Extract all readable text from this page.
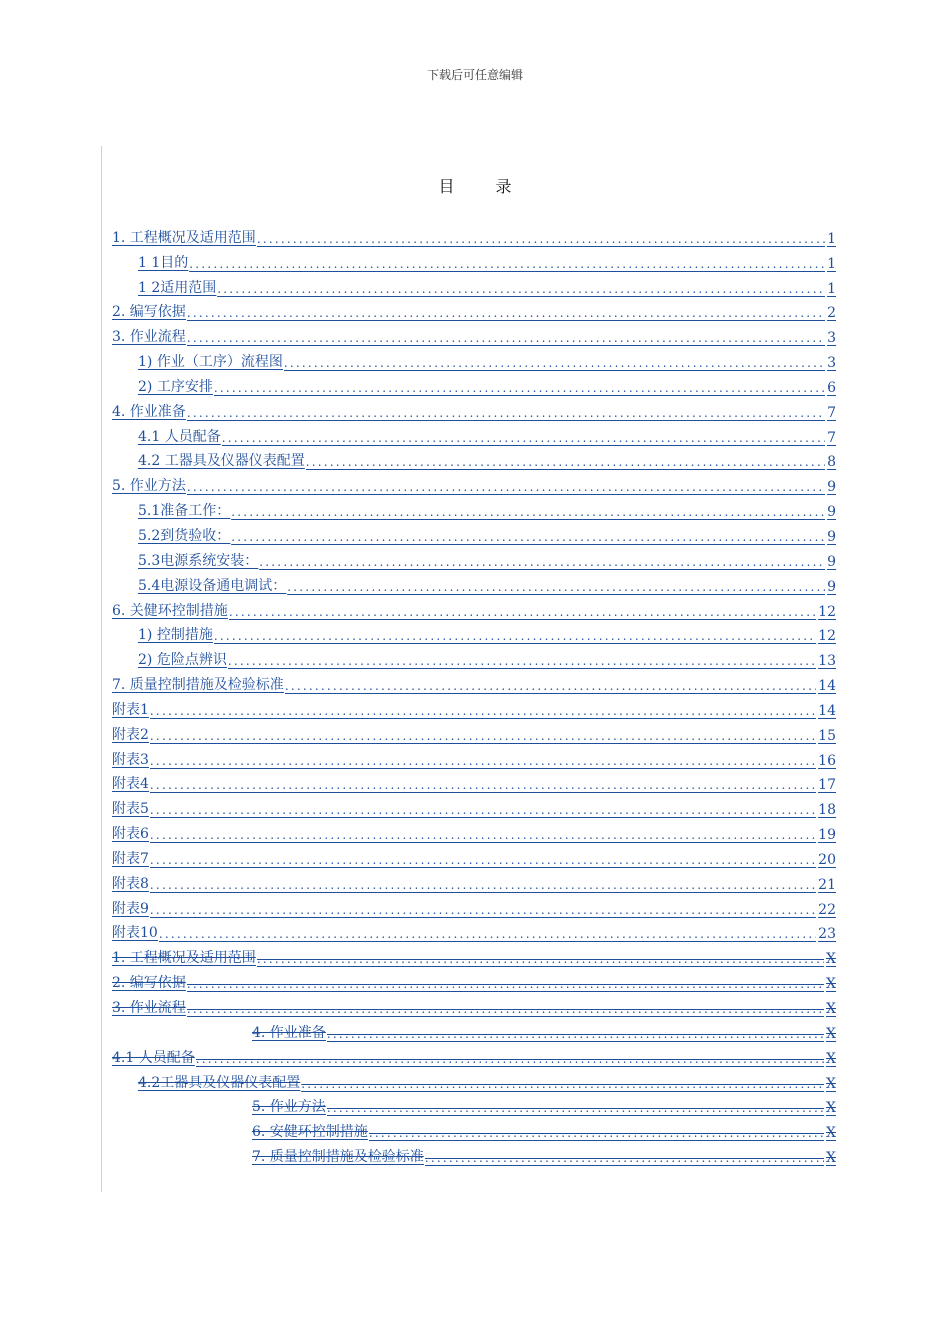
下载后可任意编辑
目 录
1. 工程概况及适用范围 .....	1
1 1目的 .....	1
1 2适用范围 .....	1
2. 编写依据 .....	2
3. 作业流程 .....	3
1) 作业（工序）流程图 .....	3
2) 工序安排 .....	6
4. 作业准备 .....	7
4.1 人员配备 .....	7
4.2 工器具及仪器仪表配置 .....	8
5. 作业方法 .....	9
5.1准备工作： .....	9
5.2到货验收： .....	9
5.3电源系统安装： .....	9
5.4电源设备通电调试： .....	9
6. 关健环控制措施 .....	12
1) 控制措施 .....	12
2) 危险点辨识 .....	13
7. 质量控制措施及检验标准 .....	14
附表1 .....	14
附表2 .....	15
附表3 .....	16
附表4 .....	17
附表5 .....	18
附表6 .....	19
附表7 .....	20
附表8 .....	21
附表9 .....	22
附表10 .....	23
1. 工程概况及适用范围 .....	X
2. 编写依据 .....	X
3. 作业流程 .....	X
4. 作业准备 .....	X
4.1 人员配备 .....	X
4.2工器具及仪器仪表配置 .....	X
5. 作业方法 .....	X
6. 安健环控制措施 .....	X
7. 质量控制措施及检验标准 .....	X
